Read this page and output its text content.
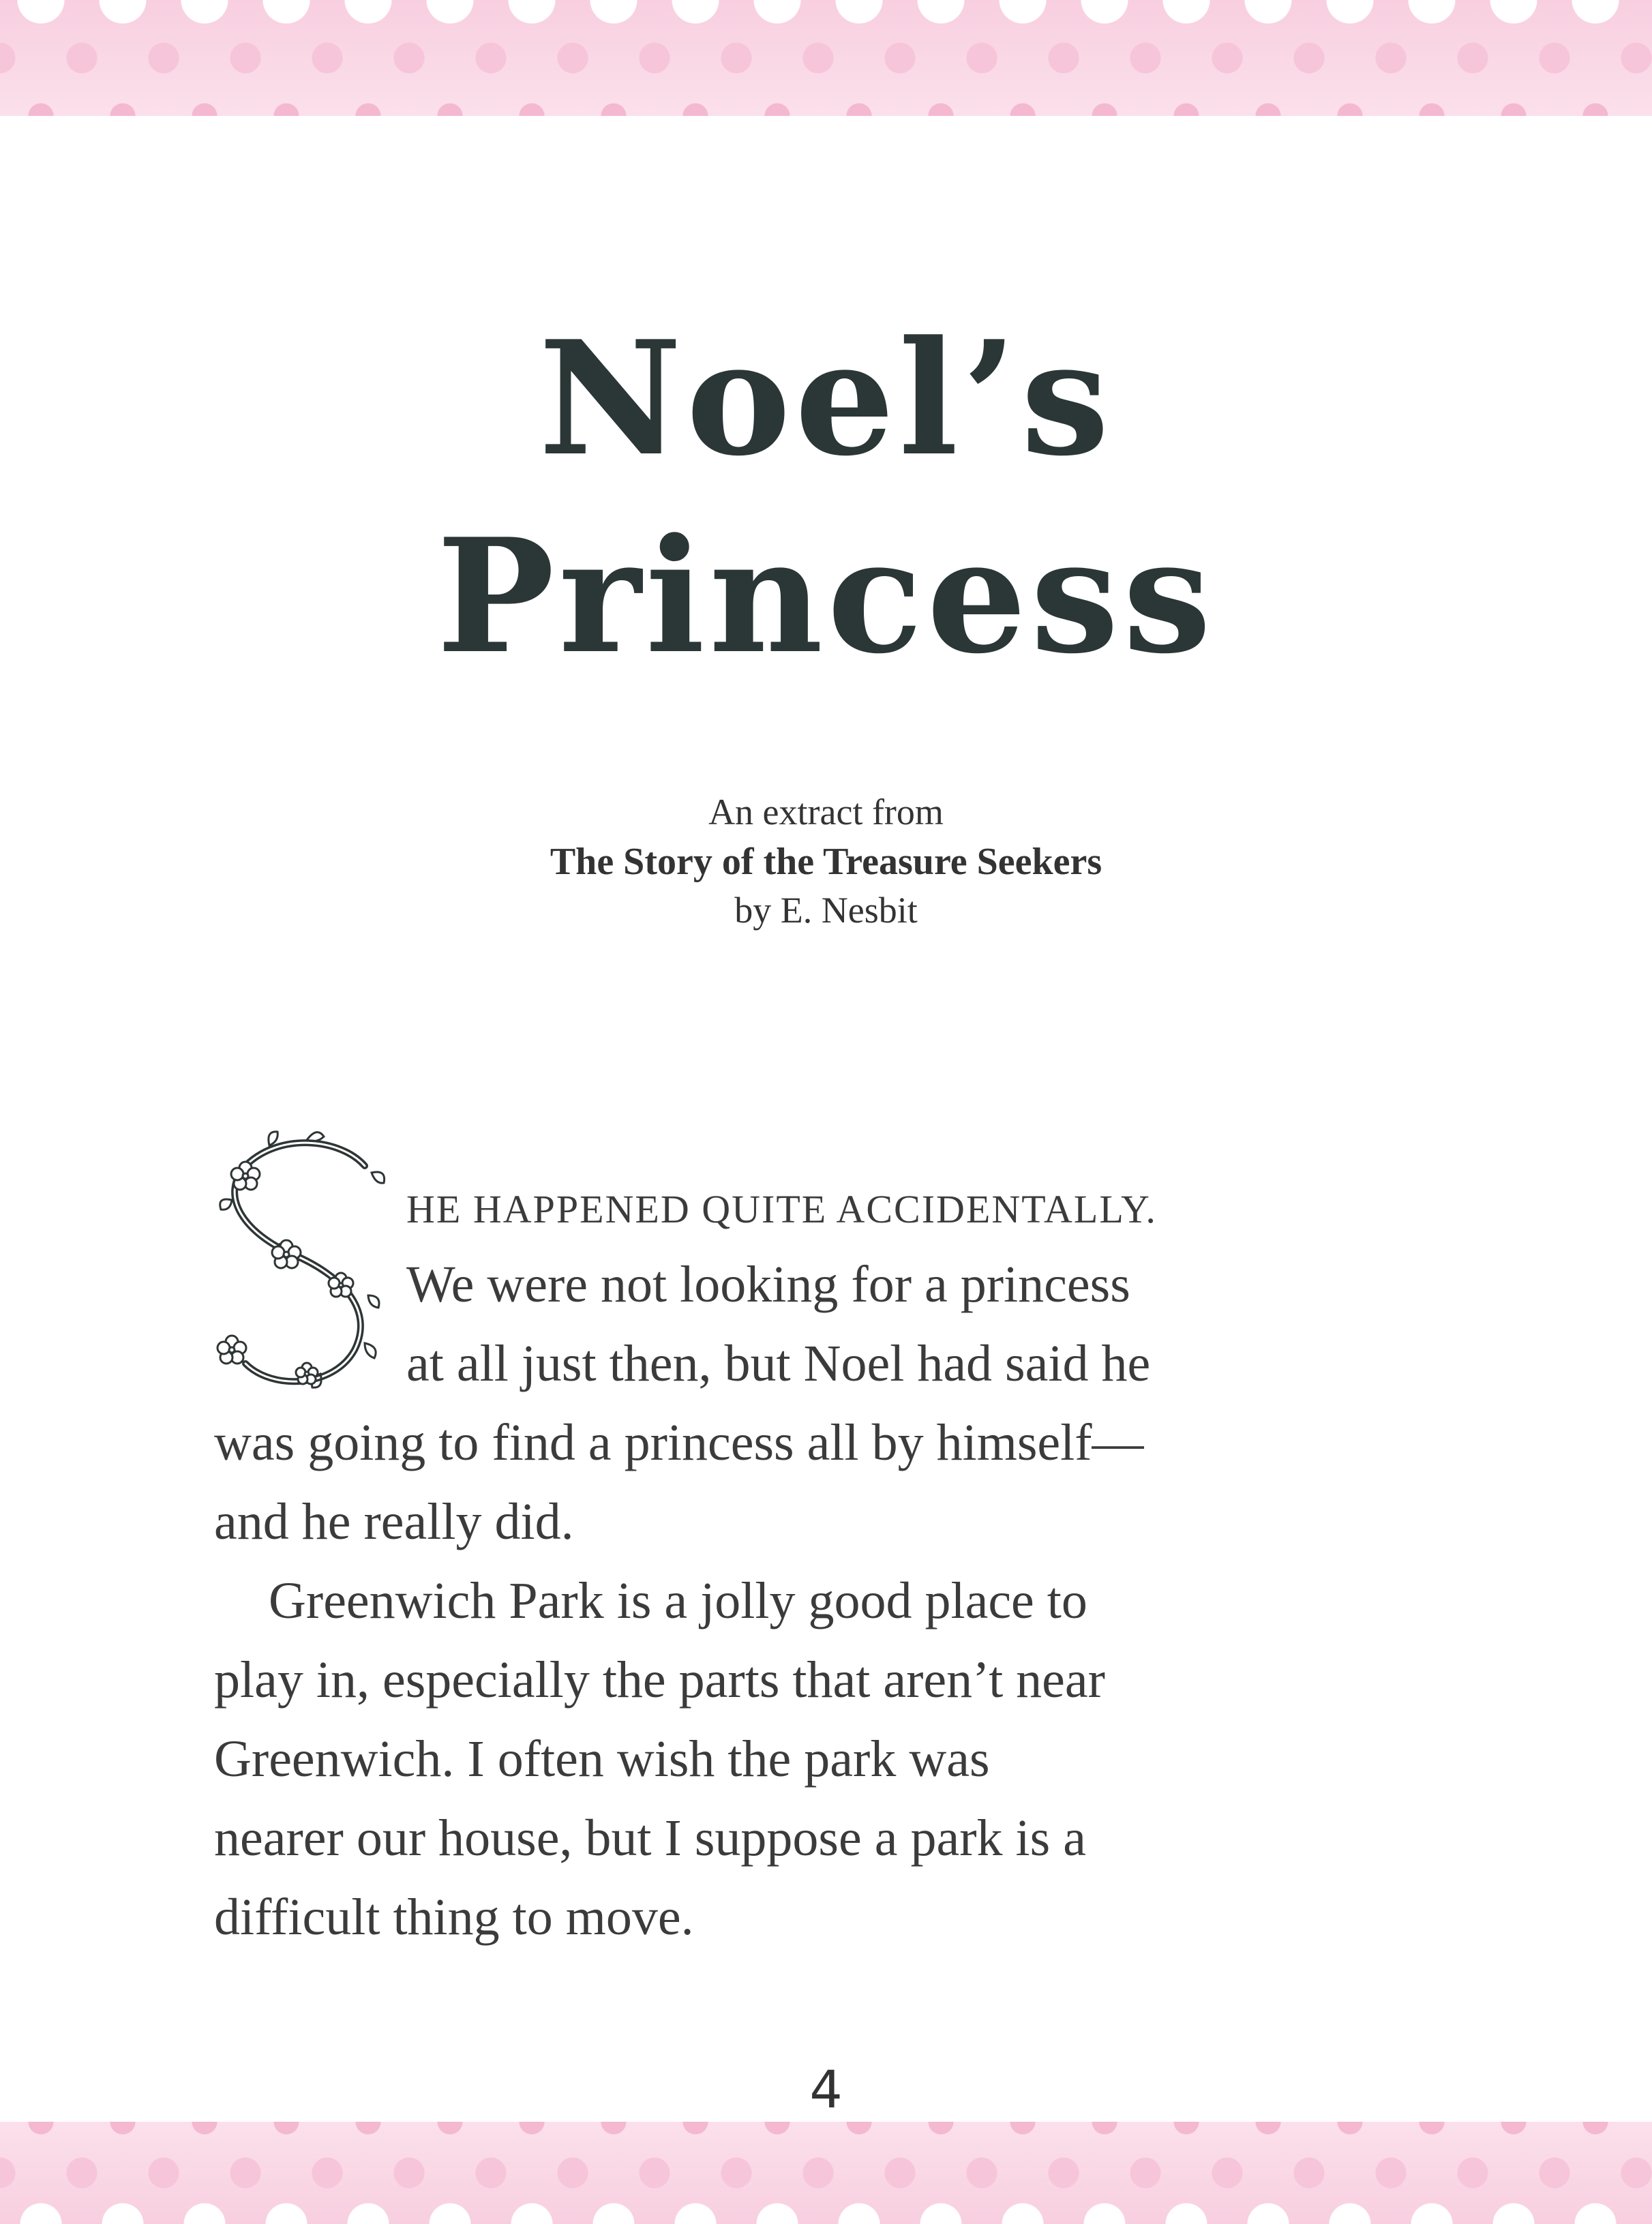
Noel’s
Princess
An extract from
The Story of the Treasure Seekers
by E. Nesbit
S
HE HAPPENED QUITE ACCIDENTALLY.
We were not looking for a princess
at all just then, but Noel had said he
was going to find a princess all by himself—
and he really did.
Greenwich Park is a jolly good place to
play in, especially the parts that aren’t near
Greenwich. I often wish the park was
nearer our house, but I suppose a park is a
difficult thing to move.
4
